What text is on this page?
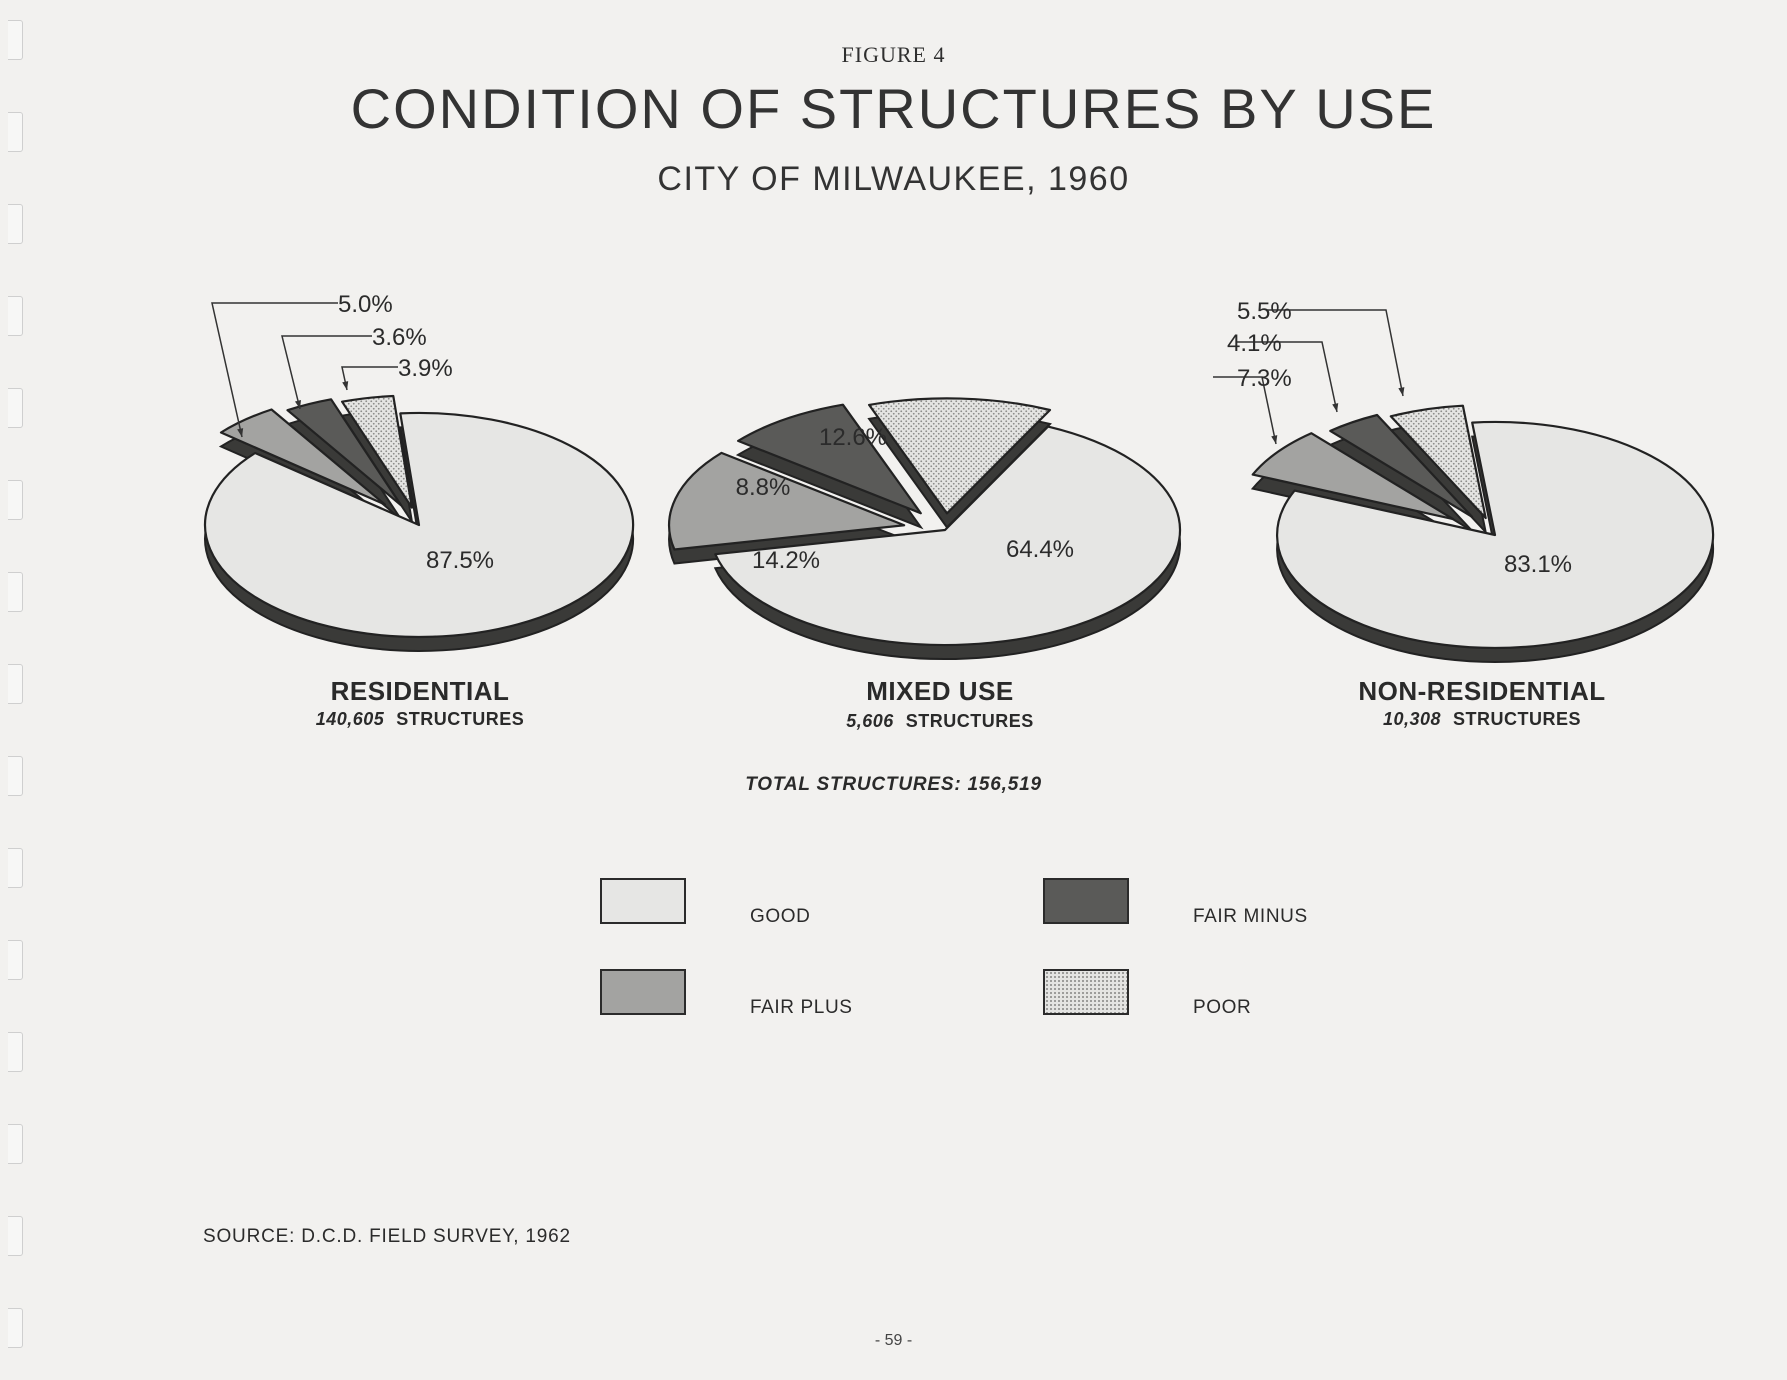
FIGURE 4
CONDITION OF STRUCTURES BY USE
CITY OF MILWAUKEE, 1960
5.0%
3.6%
3.9%
87.5%	64.4%
14.2%
8.8%
12.6%
7.3%
4.1%
5.5%
83.1%
RESIDENTIAL
140,605 STRUCTURES
MIXED USE
5,606 STRUCTURES
NON-RESIDENTIAL
10,308 STRUCTURES
TOTAL STRUCTURES: 156,519
GOOD	FAIR MINUS
FAIR PLUS	POOR
SOURCE: D.C.D. FIELD SURVEY, 1962
- 59 -
